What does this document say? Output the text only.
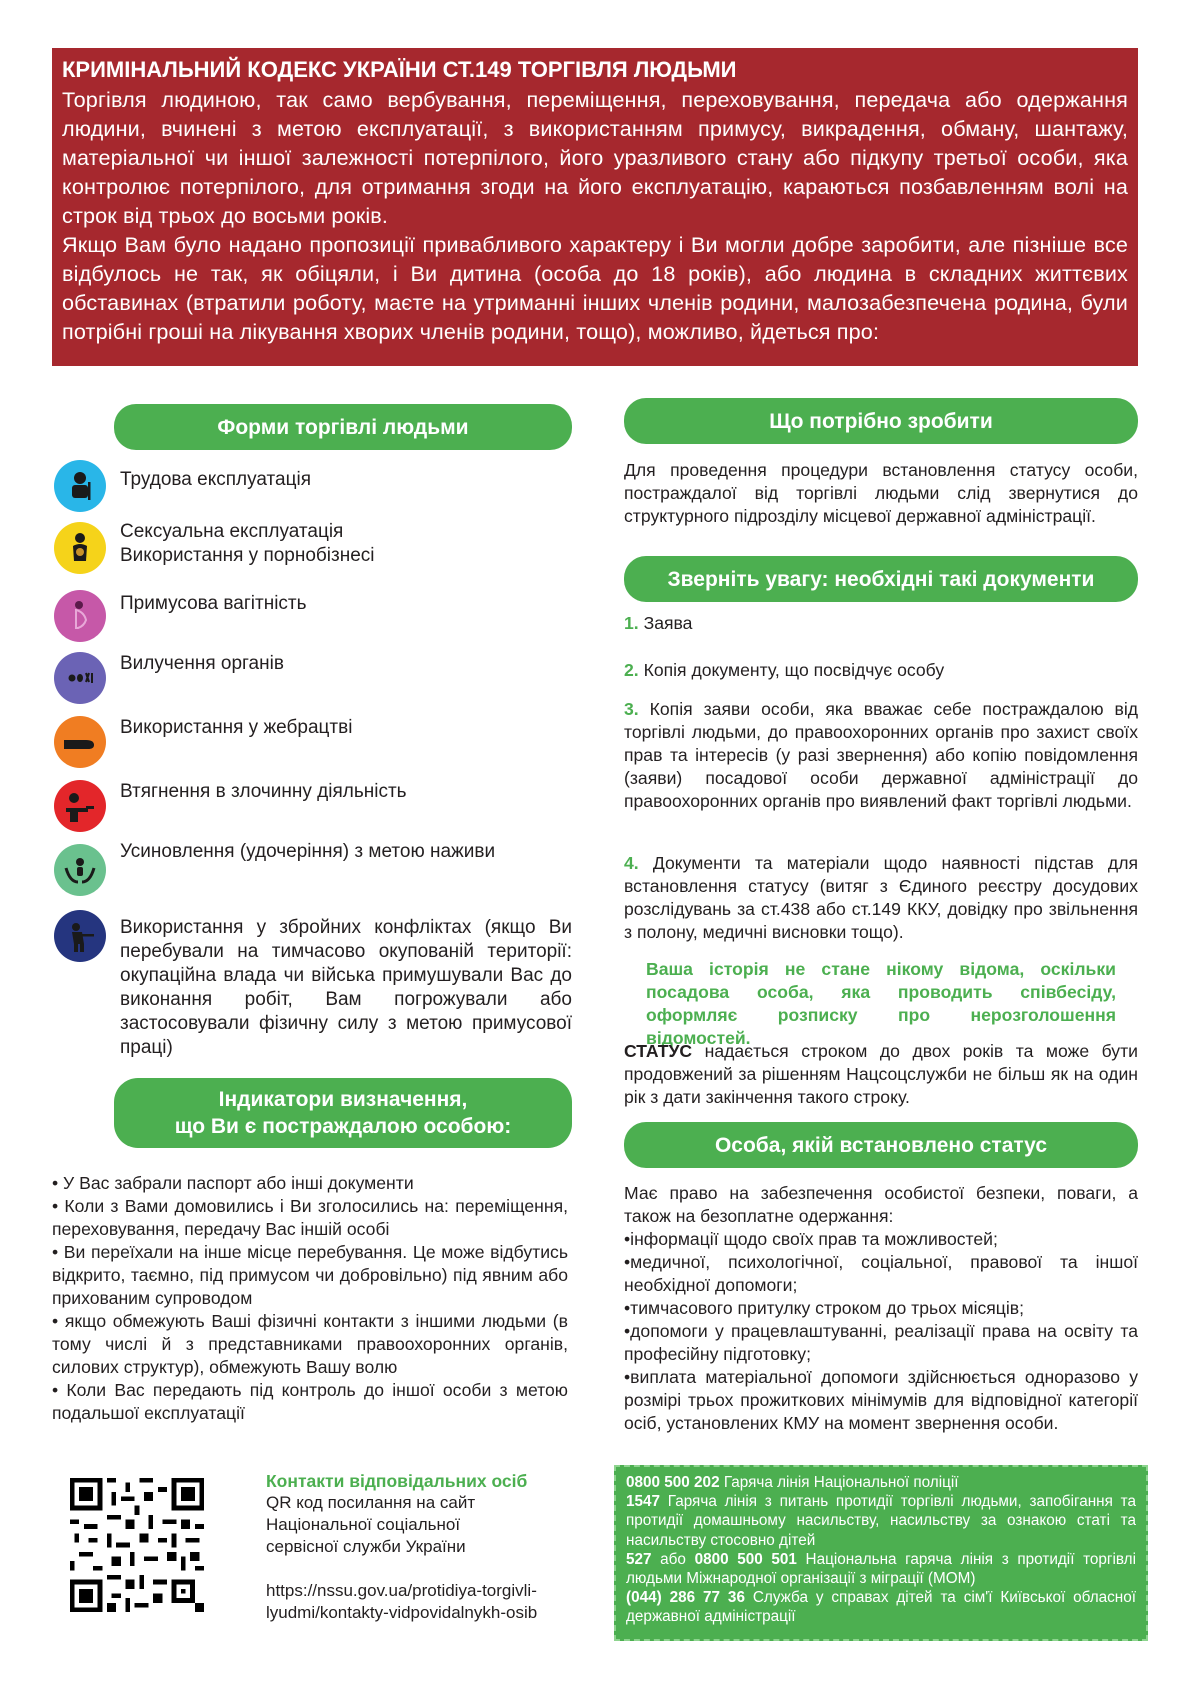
КРИМІНАЛЬНИЙ КОДЕКС УКРАЇНИ СТ.149 ТОРГІВЛЯ ЛЮДЬМИ

Торгівля людиною, так само вербування, переміщення, переховування, передача або одержання людини, вчинені з метою експлуатації, з використанням примусу, викрадення, обману, шантажу, матеріальної чи іншої залежності потерпілого, його уразливого стану або підкупу третьої особи, яка контролює потерпілого, для отримання згоди на його експлуатацію, караються позбавленням волі на строк від трьох до восьми років.

Якщо Вам було надано пропозиції привабливого характеру і Ви могли добре заробити, але пізніше все відбулось не так, як обіцяли, і Ви дитина (особа до 18 років), або людина в складних життєвих обставинах (втратили роботу, маєте на утриманні інших членів родини, малозабезпечена родина, були потрібні гроші на лікування хворих членів родини, тощо), можливо, йдеться про:

Форми торгівлі людьми
Трудова експлуатація
Сексуальна експлуатація
Використання у порнобізнесі
Примусова вагітність
Вилучення органів
Використання у жебрацтві
Втягнення в злочинну діяльність
Усиновлення (удочеріння) з метою наживи
Використання у збройних конфліктах (якщо Ви перебували на тимчасово окупованій території: окупаційна влада чи війська примушували Вас до виконання робіт, Вам погрожували або застосовували фізичну силу з метою примусової праці)
Індикатори визначення,
що Ви є постраждалою особою:

• У Вас забрали паспорт або інші документи

• Коли з Вами домовились і Ви зголосились на: переміщення, переховування, передачу Вас іншій особі

• Ви переїхали на інше місце перебування. Це може відбутись відкрито, таємно, під примусом чи добровільно) під явним або прихованим супроводом

• якщо обмежують Ваші фізичні контакти з іншими людьми (в тому числі й з представниками правоохоронних органів, силових структур), обмежують Вашу волю

• Коли Вас передають під контроль до іншої особи з метою подальшої експлуатації

Що потрібно зробити
Для проведення процедури встановлення статусу особи, постраждалої від торгівлі людьми слід звернутися до структурного підрозділу місцевої державної адміністрації.
Зверніть увагу: необхідні такі документи
1. Заява
2. Копія документу, що посвідчує особу
3. Копія заяви особи, яка вважає себе постраждалою від торгівлі людьми, до правоохоронних органів про захист своїх прав та інтересів (у разі звернення) або копію повідомлення (заяви) посадової особи державної адміністрації до правоохоронних органів про виявлений факт торгівлі людьми.
4. Документи та матеріали щодо наявності підстав для встановлення статусу (витяг з Єдиного реєстру досудових розслідувань за ст.438 або ст.149 ККУ, довідку про звільнення з полону, медичні висновки тощо).
Ваша історія не стане нікому відома, оскільки посадова особа, яка проводить співбесіду, оформляє розписку про нерозголошення відомостей.
СТАТУС надається строком до двох років та може бути продовжений за рішенням Нацсоцслужби не більш як на один рік з дати закінчення такого строку.
Особа, якій встановлено статус

Має право на забезпечення особистої безпеки, поваги, а також на безоплатне одержання:

•інформації щодо своїх прав та можливостей;

•медичної, психологічної, соціальної, правової та іншої необхідної допомоги;

•тимчасового притулку строком до трьох місяців;

•допомоги у працевлаштуванні, реалізації права на освіту та професійну підготовку;

•виплата матеріальної допомоги здійснюється одноразово у розмірі трьох прожиткових мінімумів для відповідної категорії осіб, установлених КМУ на момент звернення особи.

Контакти відповідальних осіб
QR код посилання на сайт Національної соціальної сервісної служби України
https://nssu.gov.ua/protidiya-torgivli-
lyudmi/kontakty-vidpovidalnykh-osib
0800 500 202 Гаряча лінія Національної поліції
1547 Гаряча лінія з питань протидії торгівлі людьми, запобігання та протидії домашньому насильству, насильству за ознакою статі та насильству стосовно дітей
527 або 0800 500 501 Національна гаряча лінія з протидії торгівлі людьми Міжнародної організації з міграції (МОМ)
(044) 286 77 36 Служба у справах дітей та сім'ї Київської обласної державної адміністрації
